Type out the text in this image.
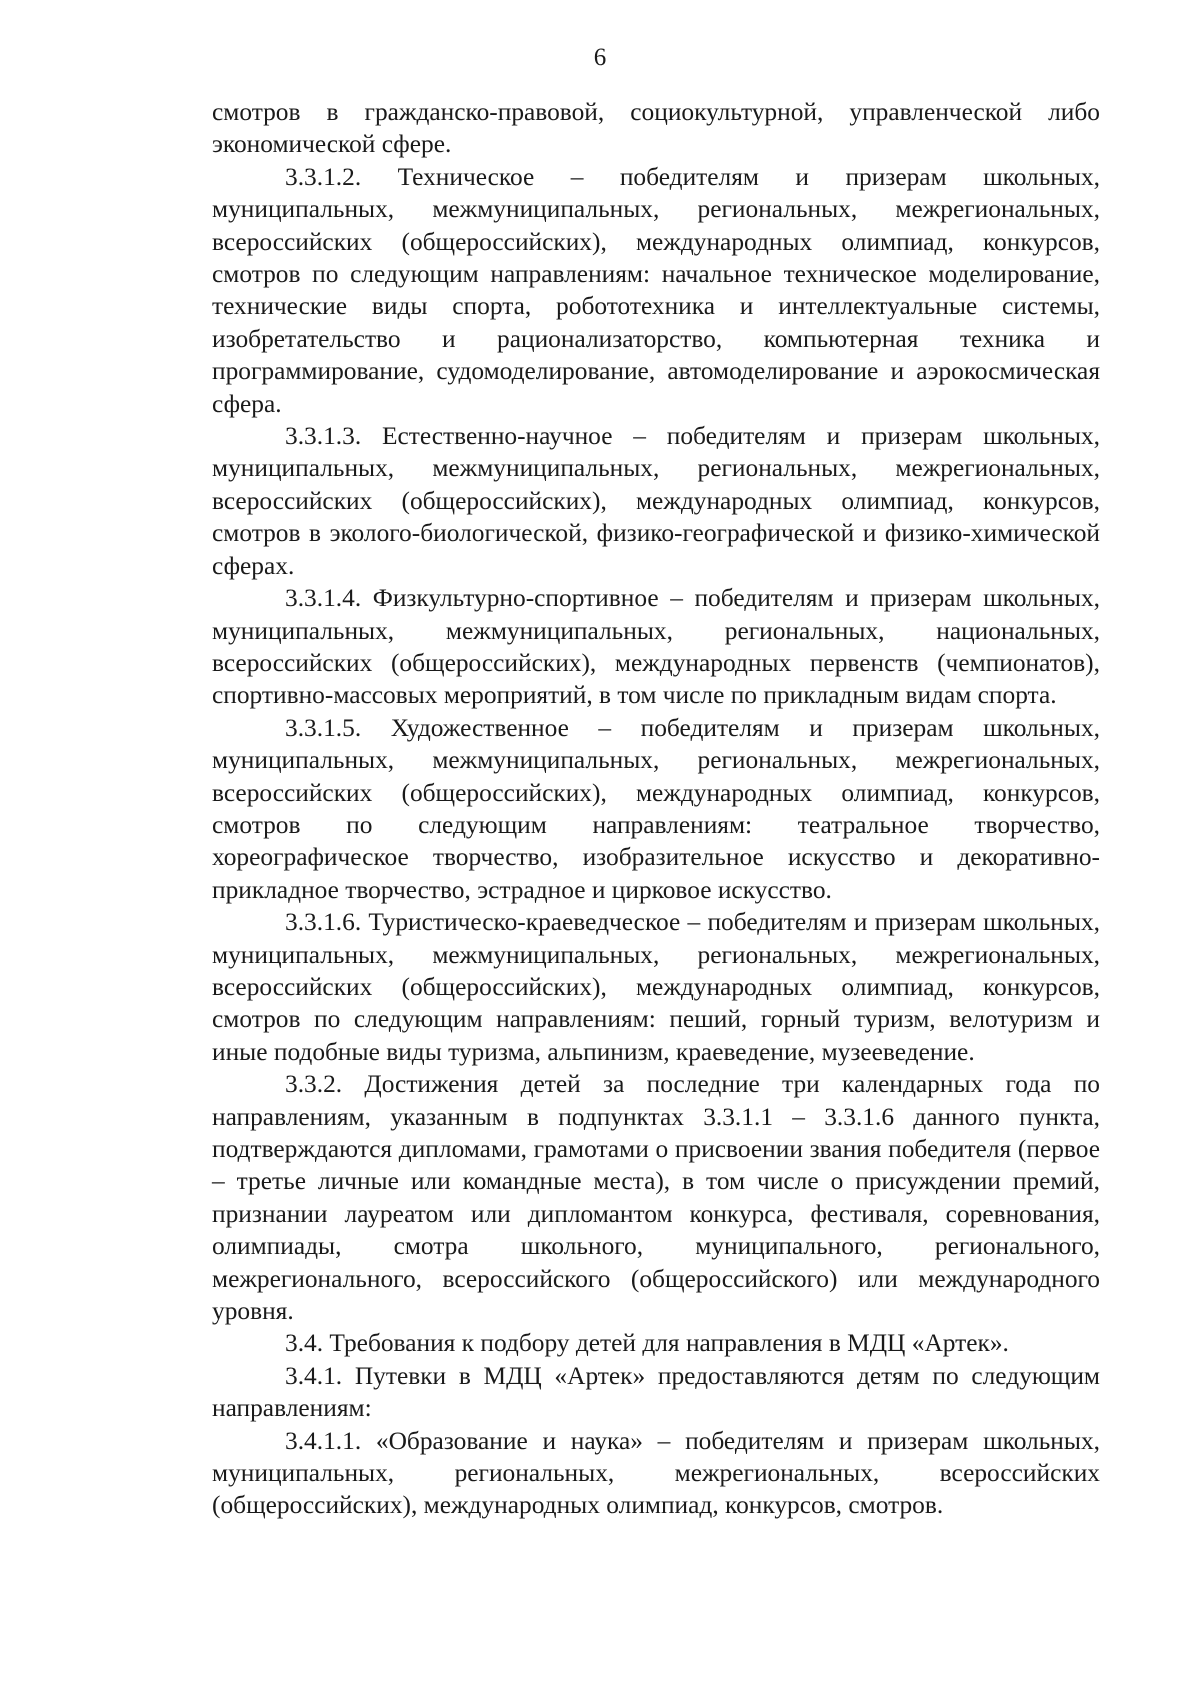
6

смотров в гражданско-правовой, социокультурной, управленческой либо экономической сфере.

3.3.1.2. Техническое – победителям и призерам школьных, муниципальных, межмуниципальных, региональных, межрегиональных, всероссийских (общероссийских), международных олимпиад, конкурсов, смотров по следующим направлениям: начальное техническое моделирование, технические виды спорта, робототехника и интеллектуальные системы, изобретательство и рационализаторство, компьютерная техника и программирование, судомоделирование, автомоделирование и аэрокосмическая сфера.

3.3.1.3. Естественно-научное – победителям и призерам школьных, муниципальных, межмуниципальных, региональных, межрегиональных, всероссийских (общероссийских), международных олимпиад, конкурсов, смотров в эколого-биологической, физико-географической и физико-химической сферах.

3.3.1.4. Физкультурно-спортивное – победителям и призерам школьных, муниципальных, межмуниципальных, региональных, национальных, всероссийских (общероссийских), международных первенств (чемпионатов), спортивно-массовых мероприятий, в том числе по прикладным видам спорта.

3.3.1.5. Художественное – победителям и призерам школьных, муниципальных, межмуниципальных, региональных, межрегиональных, всероссийских (общероссийских), международных олимпиад, конкурсов, смотров по следующим направлениям: театральное творчество, хореографическое творчество, изобразительное искусство и декоративно-прикладное творчество, эстрадное и цирковое искусство.

3.3.1.6. Туристическо-краеведческое – победителям и призерам школьных, муниципальных, межмуниципальных, региональных, межрегиональных, всероссийских (общероссийских), международных олимпиад, конкурсов, смотров по следующим направлениям: пеший, горный туризм, велотуризм и иные подобные виды туризма, альпинизм, краеведение, музееведение.

3.3.2. Достижения детей за последние три календарных года по направлениям, указанным в подпунктах 3.3.1.1 – 3.3.1.6 данного пункта, подтверждаются дипломами, грамотами о присвоении звания победителя (первое – третье личные или командные места), в том числе о присуждении премий, признании лауреатом или дипломантом конкурса, фестиваля, соревнования, олимпиады, смотра школьного, муниципального, регионального, межрегионального, всероссийского (общероссийского) или международного уровня.

3.4. Требования к подбору детей для направления в МДЦ «Артек».

3.4.1. Путевки в МДЦ «Артек» предоставляются детям по следующим направлениям:

3.4.1.1. «Образование и наука» – победителям и призерам школьных, муниципальных, региональных, межрегиональных, всероссийских (общероссийских), международных олимпиад, конкурсов, смотров.
